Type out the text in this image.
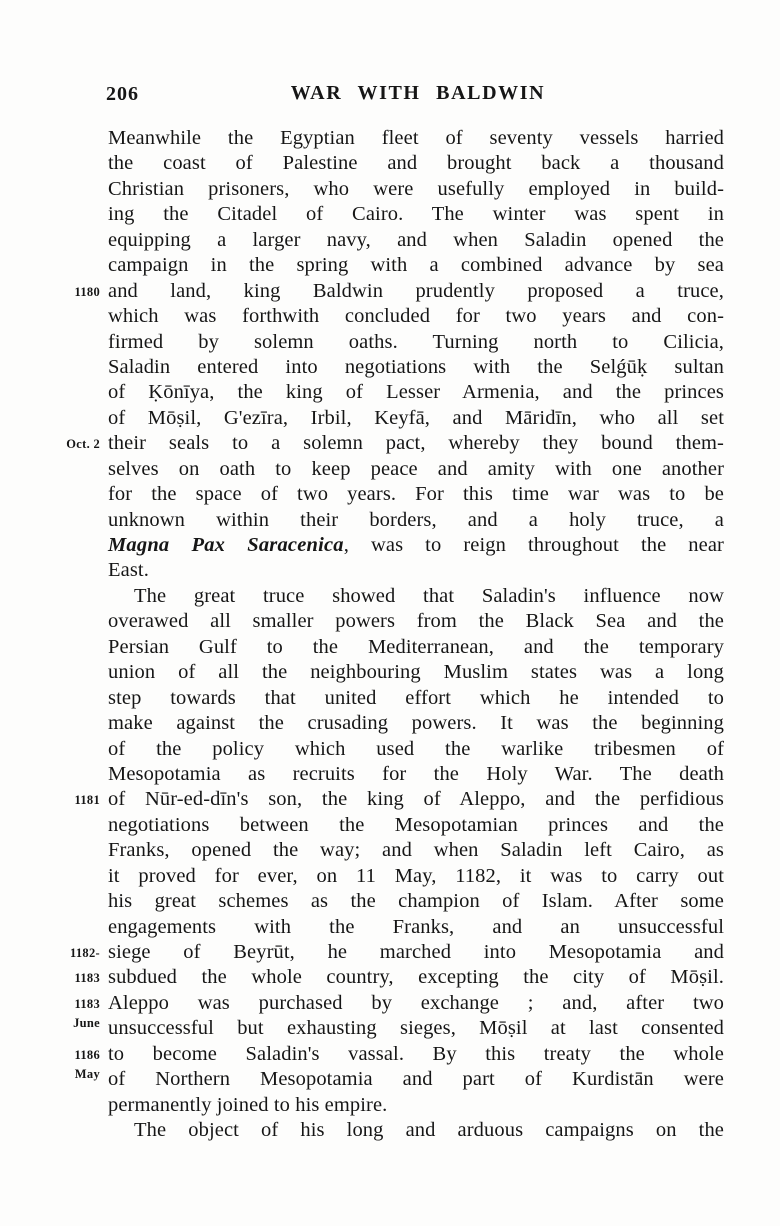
206	WAR WITH BALDWIN
Meanwhile the Egyptian fleet of seventy vessels harried
the coast of Palestine and brought back a thousand
Christian prisoners, who were usefully employed in build-
ing the Citadel of Cairo. The winter was spent in
equipping a larger navy, and when Saladin opened the
campaign in the spring with a combined advance by sea
1180 and land, king Baldwin prudently proposed a truce,
which was forthwith concluded for two years and con-
firmed by solemn oaths. Turning north to Cilicia,
Saladin entered into negotiations with the Selǵūḳ sultan
of Ḳōnīya, the king of Lesser Armenia, and the princes
of Mōṣil, G'ezīra, Irbil, Keyfā, and Māridīn, who all set
Oct. 2 their seals to a solemn pact, whereby they bound them-
selves on oath to keep peace and amity with one another
for the space of two years. For this time war was to be
unknown within their borders, and a holy truce, a
Magna Pax Saracenica, was to reign throughout the near
East.
The great truce showed that Saladin's influence now
overawed all smaller powers from the Black Sea and the
Persian Gulf to the Mediterranean, and the temporary
union of all the neighbouring Muslim states was a long
step towards that united effort which he intended to
make against the crusading powers. It was the beginning
of the policy which used the warlike tribesmen of
Mesopotamia as recruits for the Holy War. The death
1181 of Nūr-ed-dīn's son, the king of Aleppo, and the perfidious
negotiations between the Mesopotamian princes and the
Franks, opened the way; and when Saladin left Cairo, as
it proved for ever, on 11 May, 1182, it was to carry out
his great schemes as the champion of Islam. After some
engagements with the Franks, and an unsuccessful
1182- siege of Beyrūt, he marched into Mesopotamia and
1183 subdued the whole country, excepting the city of Mōṣil.
1183 Aleppo was purchased by exchange ; and, after two
June unsuccessful but exhausting sieges, Mōṣil at last consented
1186 to become Saladin's vassal. By this treaty the whole
May of Northern Mesopotamia and part of Kurdistān were
permanently joined to his empire.
The object of his long and arduous campaigns on the
